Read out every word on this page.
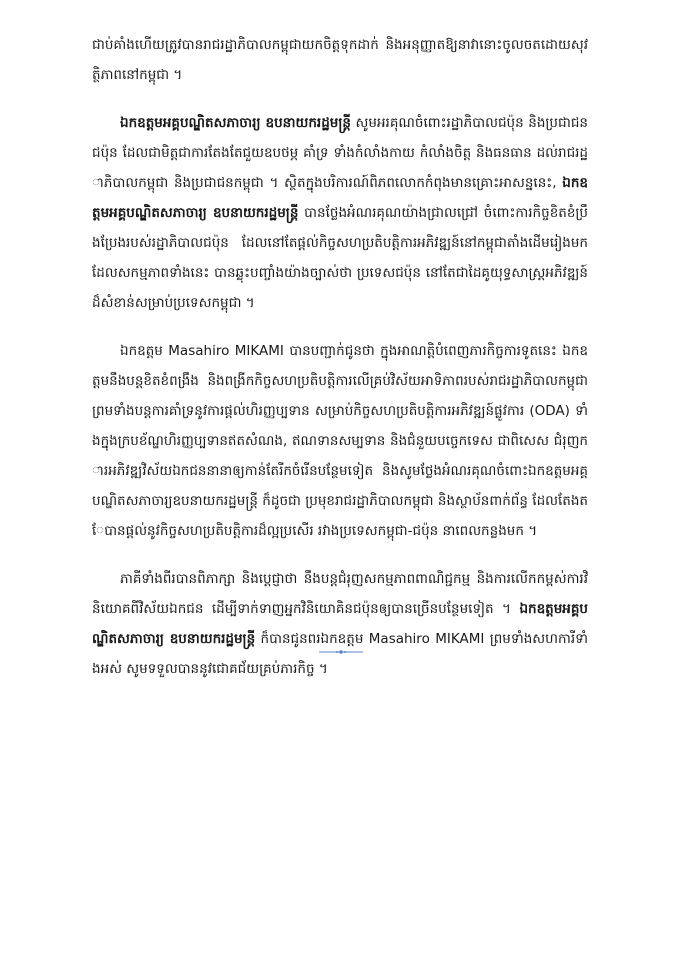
ជាប់គាំងហើយត្រូវបានរាជរដ្ឋាភិបាលកម្ពុជាយកចិត្តទុកដាក់ និងអនុញ្ញាតឱ្យនាវានោះចូលចតដោយសុវត្ថិភាពនៅកម្ពុជា ។

ឯកឧត្តមអគ្គបណ្ឌិតសភាចារ្យ ឧបនាយករដ្ឋមន្ត្រី សូមអរគុណចំពោះរដ្ឋាភិបាលជប៉ុន និងប្រជាជនជប៉ុន ដែលជាមិត្តជាការតែងតែជួយឧបថម្ភ គាំទ្រ ទាំងកំលាំងកាយ កំលាំងចិត្ត និងធនធាន ដល់រាជរដ្ឋាភិបាលកម្ពុជា និងប្រជាជនកម្ពុជា ។ ស្ថិតក្នុងបរិការណ៍ពិភពលោកកំពុងមានគ្រោះអាសន្ននេះ, ឯកឧត្តមអគ្គបណ្ឌិតសភាចារ្យ ឧបនាយករដ្ឋមន្ត្រី បានថ្លែងអំណរគុណយ៉ាងជ្រាលជ្រៅ ចំពោះការកិច្ចខិតខំប្រឹងប្រែងរបស់រដ្ឋាភិបាលជប៉ុន ដែលនៅតែផ្តល់កិច្ចសហប្រតិបត្តិការអភិវឌ្ឍន៍នៅកម្ពុជាតាំងដើមរៀងមក ដែលសកម្មភាពទាំងនេះ បានឆ្លុះបញ្ចាំងយ៉ាងច្បាស់ថា ប្រទេសជប៉ុន នៅតែជាដៃគូយុទ្ធសាស្ត្រអភិវឌ្ឍន៍ដ៏សំខាន់សម្រាប់ប្រទេសកម្ពុជា ។

ឯកឧត្តម Masahiro MIKAMI បានបញ្ជាក់ជូនថា ក្នុងអាណត្តិបំពេញភារកិច្ចការទូតនេះ ឯកឧត្តមនឹងបន្តខិតខំពង្រឹង និងពង្រីកកិច្ចសហប្រតិបត្តិការលើគ្រប់វិស័យអាទិភាពរបស់រាជរដ្ឋាភិបាលកម្ពុជា ព្រមទាំងបន្តការគាំទ្រនូវការផ្តល់ហិរញ្ញប្បទាន សម្រាប់កិច្ចសហប្រតិបត្តិការអភិវឌ្ឍន៍ផ្លូវការ (ODA) ទាំងក្នុងក្របខ័ណ្ឌហិរញ្ញប្បទានឥតសំណង, ឥណទានសម្បទាន និងជំនួយបច្ចេកទេស ជាពិសេស ជំរុញការអភិវឌ្ឍវិស័យឯកជននានាឲ្យកាន់តែរីកចំរើនបន្ថែមទៀត និងសូមថ្លែងអំណរគុណចំពោះឯកឧត្តមអគ្គបណ្ឌិតសភាចារ្យឧបនាយករដ្ឋមន្ត្រី ក៏ដូចជា ប្រមុខរាជរដ្ឋាភិបាលកម្ពុជា និងស្ថាប័នពាក់ព័ន្ធ ដែលតែងតែបានផ្តល់នូវកិច្ចសហប្រតិបត្តិការដ៏ល្អប្រសើរ រវាងប្រទេសកម្ពុជា-ជប៉ុន នាពេលកន្លងមក ។

ភាគីទាំងពីរបានពិភាក្សា និងប្តេជ្ញាថា នឹងបន្តជំរុញសកម្មភាពពាណិជ្ជកម្ម និងការលើកកម្ពស់ការវិនិយោគពីវិស័យឯកជន ដើម្បីទាក់ទាញអ្នកវិនិយោគិនជប៉ុនឲ្យបានច្រើនបន្ថែមទៀត ។ ឯកឧត្តមអគ្គបណ្ឌិតសភាចារ្យ ឧបនាយករដ្ឋមន្ត្រី ក៏បានជូនពរឯកឧត្តម Masahiro MIKAMI ព្រមទាំងសហការីទាំងអស់ សូមទទួលបាននូវជោគជ័យគ្រប់ភារកិច្ច ។
